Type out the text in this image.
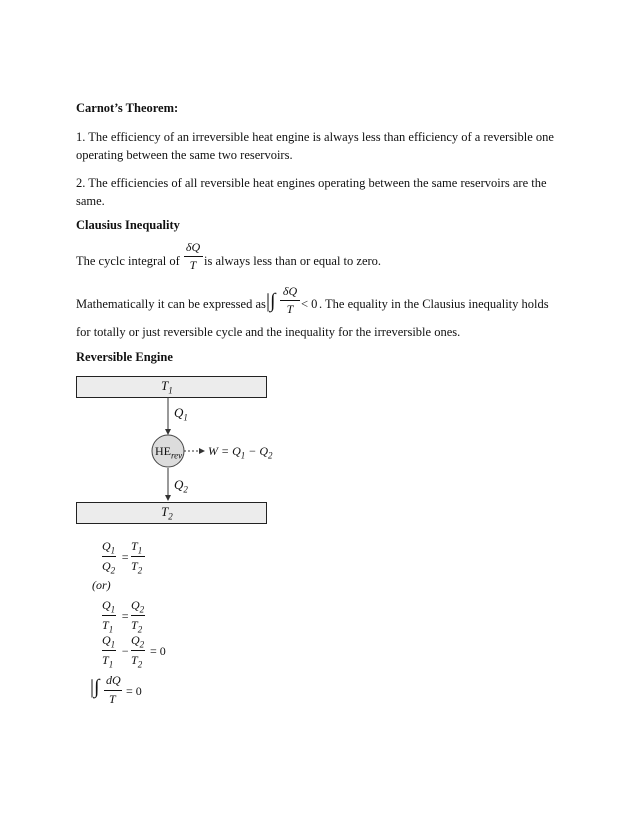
Carnot’s Theorem:
1. The efficiency of an irreversible heat engine is always less than efficiency of a reversible one
operating between the same two reservoirs.
2. The efficiencies of all reversible heat engines operating between the same reservoirs are the
same.
Clausius Inequality
The cyclc integral of
δQ
T is always less than or equal to zero.
Mathematically it can be expressed as |∫ δQ
T < 0 . The equality in the Clausius inequality holds
for totally or just reversible cycle and the inequality for the irreversible ones.
Reversible Engine
$T_1$
$Q_1$
$HE_{rev}$ $W = Q_1 - Q_2$
$Q_2$
$T_2$
$Q_1$
$Q_2$
=
$T_1$
$T_2$
(or)
$Q_1$
$T_1$
=
$Q_2$
$T_2$
$Q_1$
$T_1$
−
$Q_2$
$T_2$
= 0
|∫ dQ
T
= 0
